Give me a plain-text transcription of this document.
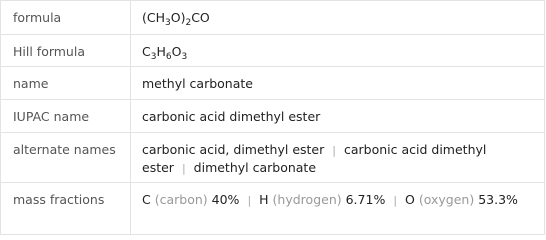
formula	$(CH_3O)_2CO$

Hill formula	$C_3H_6O_3$

name	methyl carbonate

IUPAC name	carbonic acid dimethyl ester

alternate names	carbonic acid, dimethyl ester | carbonic acid dimethyl ester | dimethyl carbonate

mass fractions	C (carbon) 40% | H (hydrogen) 6.71% | O (oxygen) 53.3%
